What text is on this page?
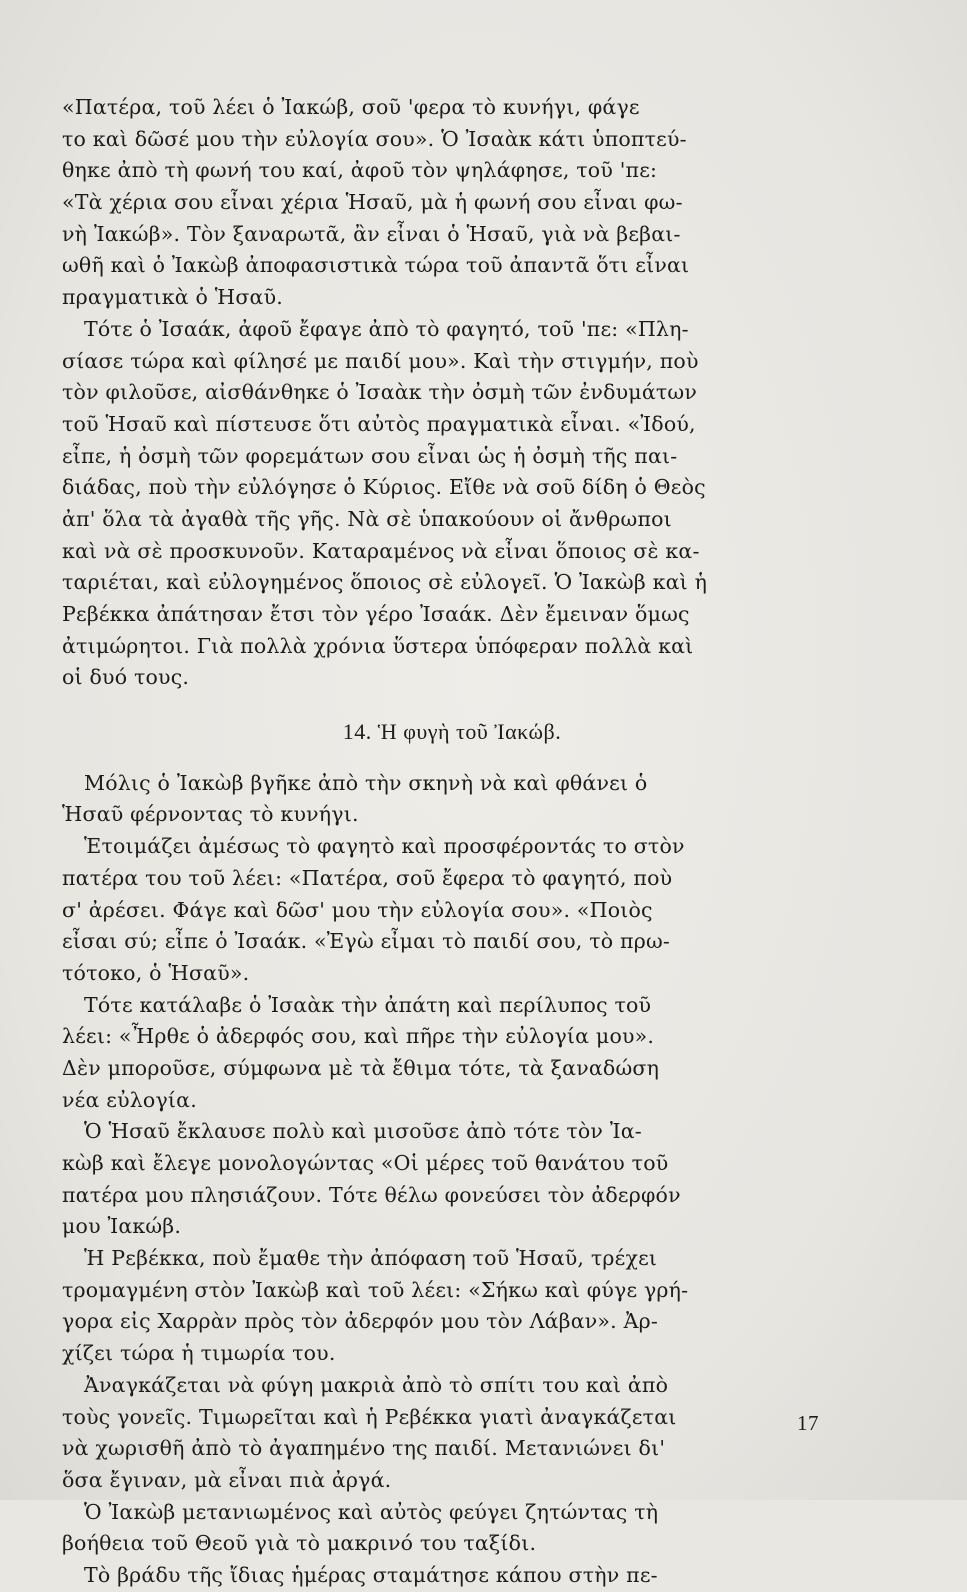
«Πατέρα, τοῦ λέει ὁ Ἰακώβ, σοῦ 'φερα τὸ κυνήγι, φάγε
το καὶ δῶσέ μου τὴν εὐλογία σου». Ὁ Ἰσαὰκ κάτι ὑποπτεύ-
θηκε ἀπὸ τὴ φωνή του καί, ἀφοῦ τὸν ψηλάφησε, τοῦ 'πε:
«Τὰ χέρια σου εἶναι χέρια Ἡσαῦ, μὰ ἡ φωνή σου εἶναι φω-
νὴ Ἰακώβ». Τὸν ξαναρωτᾶ, ἂν εἶναι ὁ Ἡσαῦ, γιὰ νὰ βεβαι-
ωθῆ καὶ ὁ Ἰακὼβ ἀποφασιστικὰ τώρα τοῦ ἀπαντᾶ ὅτι εἶναι
πραγματικὰ ὁ Ἡσαῦ.
Τότε ὁ Ἰσαάκ, ἀφοῦ ἔφαγε ἀπὸ τὸ φαγητό, τοῦ 'πε: «Πλη-
σίασε τώρα καὶ φίλησέ με παιδί μου». Καὶ τὴν στιγμήν, ποὺ
τὸν φιλοῦσε, αἰσθάνθηκε ὁ Ἰσαὰκ τὴν ὀσμὴ τῶν ἐνδυμάτων
τοῦ Ἡσαῦ καὶ πίστευσε ὅτι αὐτὸς πραγματικὰ εἶναι. «Ἰδού,
εἶπε, ἡ ὀσμὴ τῶν φορεμάτων σου εἶναι ὡς ἡ ὀσμὴ τῆς παι-
διάδας, ποὺ τὴν εὐλόγησε ὁ Κύριος. Εἴθε νὰ σοῦ δίδη ὁ Θεὸς
ἀπ' ὅλα τὰ ἀγαθὰ τῆς γῆς. Νὰ σὲ ὑπακούουν οἱ ἄνθρωποι
καὶ νὰ σὲ προσκυνοῦν. Καταραμένος νὰ εἶναι ὅποιος σὲ κα-
ταριέται, καὶ εὐλογημένος ὅποιος σὲ εὐλογεῖ. Ὁ Ἰακὼβ καὶ ἡ
Ρεβέκκα ἀπάτησαν ἔτσι τὸν γέρο Ἰσαάκ. Δὲν ἔμειναν ὅμως
ἀτιμώρητοι. Γιὰ πολλὰ χρόνια ὕστερα ὑπόφεραν πολλὰ καὶ
οἱ δυό τους.
14. Ἡ φυγὴ τοῦ Ἰακώβ.
Μόλις ὁ Ἰακὼβ βγῆκε ἀπὸ τὴν σκηνὴ νὰ καὶ φθάνει ὁ
Ἡσαῦ φέρνοντας τὸ κυνήγι.
Ἑτοιμάζει ἀμέσως τὸ φαγητὸ καὶ προσφέροντάς το στὸν
πατέρα του τοῦ λέει: «Πατέρα, σοῦ ἔφερα τὸ φαγητό, ποὺ
σ' ἀρέσει. Φάγε καὶ δῶσ' μου τὴν εὐλογία σου». «Ποιὸς
εἶσαι σύ; εἶπε ὁ Ἰσαάκ. «Ἐγὼ εἶμαι τὸ παιδί σου, τὸ πρω-
τότοκο, ὁ Ἡσαῦ».
Τότε κατάλαβε ὁ Ἰσαὰκ τὴν ἀπάτη καὶ περίλυπος τοῦ
λέει: «Ἦρθε ὁ ἀδερφός σου, καὶ πῆρε τὴν εὐλογία μου».
Δὲν μποροῦσε, σύμφωνα μὲ τὰ ἔθιμα τότε, τὰ ξαναδώση
νέα εὐλογία.
Ὁ Ἡσαῦ ἔκλαυσε πολὺ καὶ μισοῦσε ἀπὸ τότε τὸν Ἰα-
κὼβ καὶ ἔλεγε μονολογώντας «Οἱ μέρες τοῦ θανάτου τοῦ
πατέρα μου πλησιάζουν. Τότε θέλω φονεύσει τὸν ἀδερφόν
μου Ἰακώβ.
Ἡ Ρεβέκκα, ποὺ ἔμαθε τὴν ἀπόφαση τοῦ Ἡσαῦ, τρέχει
τρομαγμένη στὸν Ἰακὼβ καὶ τοῦ λέει: «Σήκω καὶ φύγε γρή-
γορα εἰς Χαρρὰν πρὸς τὸν ἀδερφόν μου τὸν Λάβαν». Ἀρ-
χίζει τώρα ἡ τιμωρία του.
Ἀναγκάζεται νὰ φύγη μακριὰ ἀπὸ τὸ σπίτι του καὶ ἀπὸ
τοὺς γονεῖς. Τιμωρεῖται καὶ ἡ Ρεβέκκα γιατὶ ἀναγκάζεται
νὰ χωρισθῆ ἀπὸ τὸ ἀγαπημένο της παιδί. Μετανιώνει δι'
ὅσα ἔγιναν, μὰ εἶναι πιὰ ἀργά.
Ὁ Ἰακὼβ μετανιωμένος καὶ αὐτὸς φεύγει ζητώντας τὴ
βοήθεια τοῦ Θεοῦ γιὰ τὸ μακρινό του ταξίδι.
Τὸ βράδυ τῆς ἴδιας ἡμέρας σταμάτησε κάπου στὴν πε-
17
